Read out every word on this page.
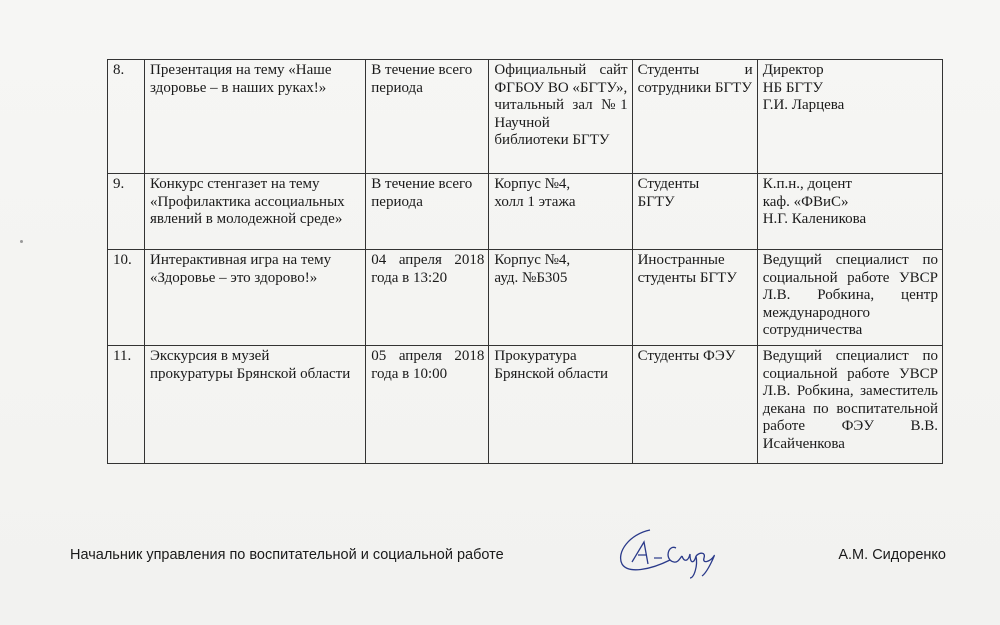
8.	Презентация на тему «Наше здоровье – в наших руках!»	В течение всего периода	Официальный сайт ФГБОУ ВО «БГТУ»,
читальный зал №1 Научной библиотеки БГТУ	Студенты и сотрудники БГТУ	Директор
НБ БГТУ
Г.И. Ларцева
9.	Конкурс стенгазет на тему «Профилактика ассоциальных явлений в молодежной среде»	В течение всего периода	Корпус №4,
холл 1 этажа	Студенты
БГТУ	К.п.н., доцент
каф. «ФВиС»
Н.Г. Каленикова
10.	Интерактивная игра на тему «Здоровье – это здорово!»	04 апреля 2018 года в 13:20	Корпус №4,
ауд. №Б305	Иностранные студенты БГТУ	Ведущий специалист по социальной работе УВСР Л.В. Робкина, центр международного сотрудничества
11.	Экскурсия в музей
прокуратуры Брянской области	05 апреля 2018 года в 10:00	Прокуратура Брянской области	Студенты ФЭУ	Ведущий специалист по социальной работе УВСР Л.В. Робкина, заместитель декана по воспитательной работе ФЭУ В.В. Исайченкова
Начальник управления по воспитательной и социальной работе	А.М. Сидоренко
